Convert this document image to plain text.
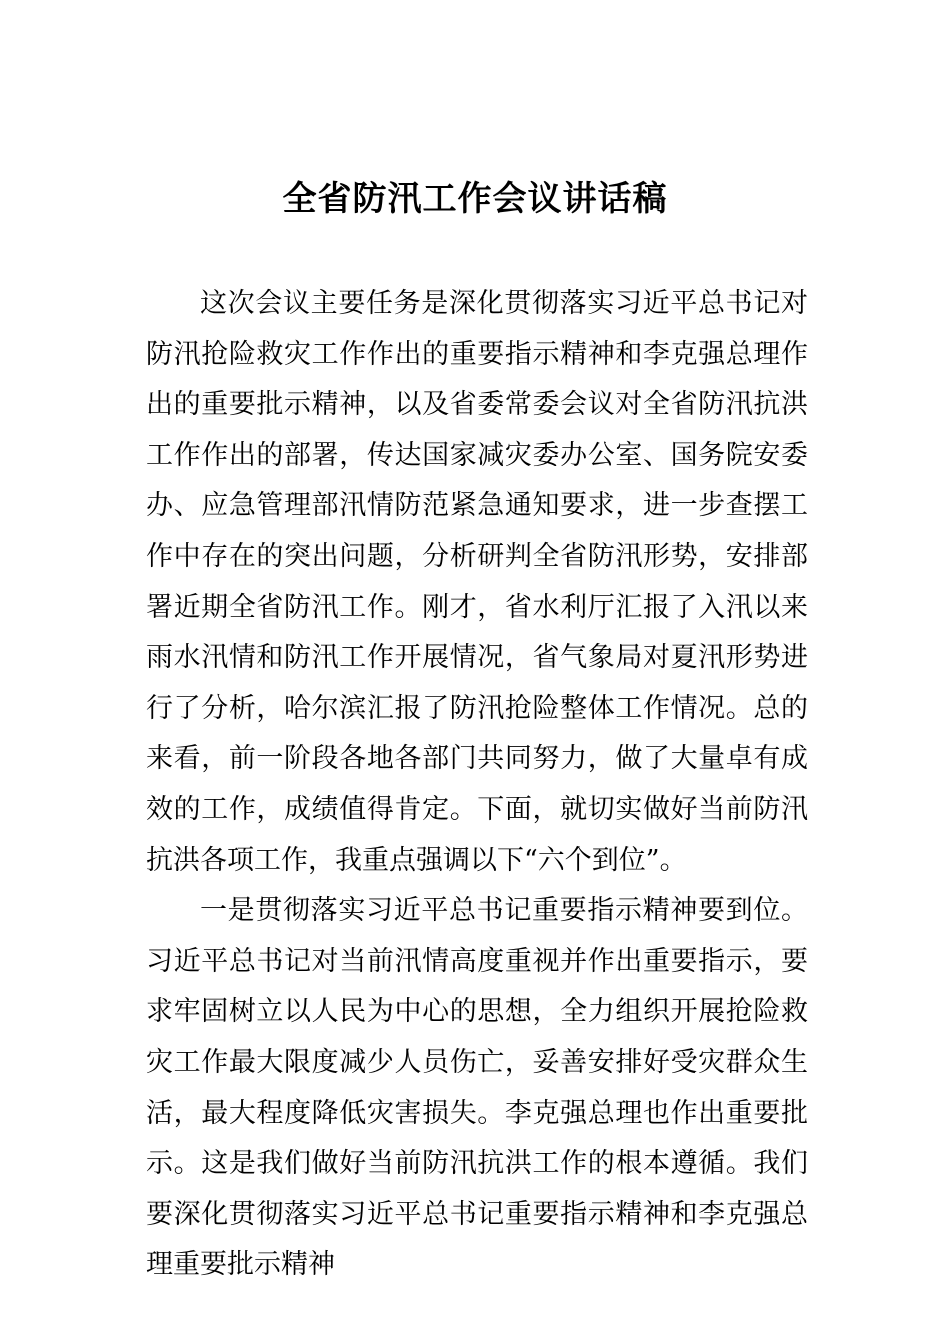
全省防汛工作会议讲话稿

这次会议主要任务是深化贯彻落实习近平总书记对防汛抢险救灾工作作出的重要指示精神和李克强总理作出的重要批示精神，以及省委常委会议对全省防汛抗洪工作作出的部署，传达国家减灾委办公室、国务院安委办、应急管理部汛情防范紧急通知要求，进一步查摆工作中存在的突出问题，分析研判全省防汛形势，安排部署近期全省防汛工作。刚才，省水利厅汇报了入汛以来雨水汛情和防汛工作开展情况，省气象局对夏汛形势进行了分析，哈尔滨汇报了防汛抢险整体工作情况。总的来看，前一阶段各地各部门共同努力，做了大量卓有成效的工作，成绩值得肯定。下面，就切实做好当前防汛抗洪各项工作，我重点强调以下“六个到位”。

一是贯彻落实习近平总书记重要指示精神要到位。习近平总书记对当前汛情高度重视并作出重要指示，要求牢固树立以人民为中心的思想，全力组织开展抢险救灾工作最大限度减少人员伤亡，妥善安排好受灾群众生活，最大程度降低灾害损失。李克强总理也作出重要批示。这是我们做好当前防汛抗洪工作的根本遵循。我们要深化贯彻落实习近平总书记重要指示精神和李克强总理重要批示精神
